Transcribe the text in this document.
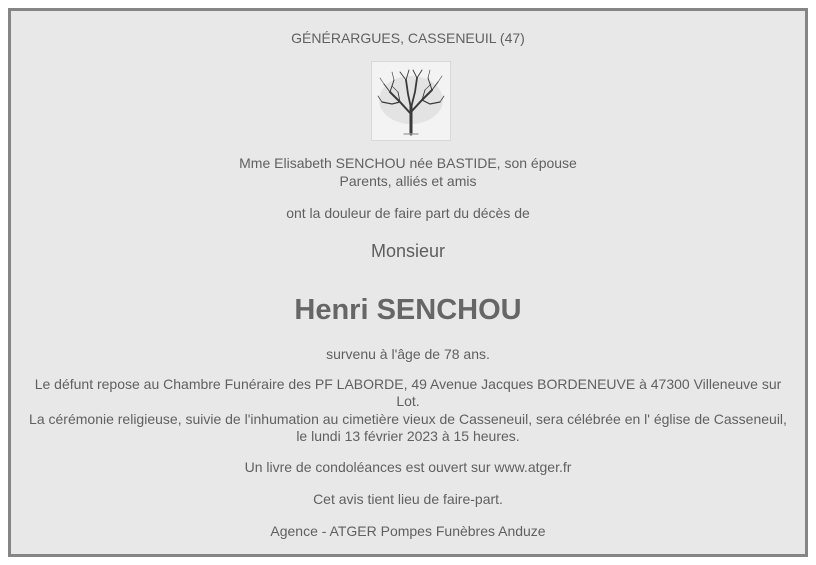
GÉNÉRARGUES, CASSENEUIL (47)
Mme Elisabeth SENCHOU née BASTIDE, son épouse
Parents, alliés et amis
ont la douleur de faire part du décès de
Monsieur
Henri SENCHOU
survenu à l'âge de 78 ans.
Le défunt repose au Chambre Funéraire des PF LABORDE, 49 Avenue Jacques BORDENEUVE à 47300 Villeneuve sur Lot.
La cérémonie religieuse, suivie de l'inhumation au cimetière vieux de Casseneuil, sera célébrée en l' église de Casseneuil, le lundi 13 février 2023 à 15 heures.
Un livre de condoléances est ouvert sur www.atger.fr
Cet avis tient lieu de faire-part.
Agence - ATGER Pompes Funèbres Anduze
